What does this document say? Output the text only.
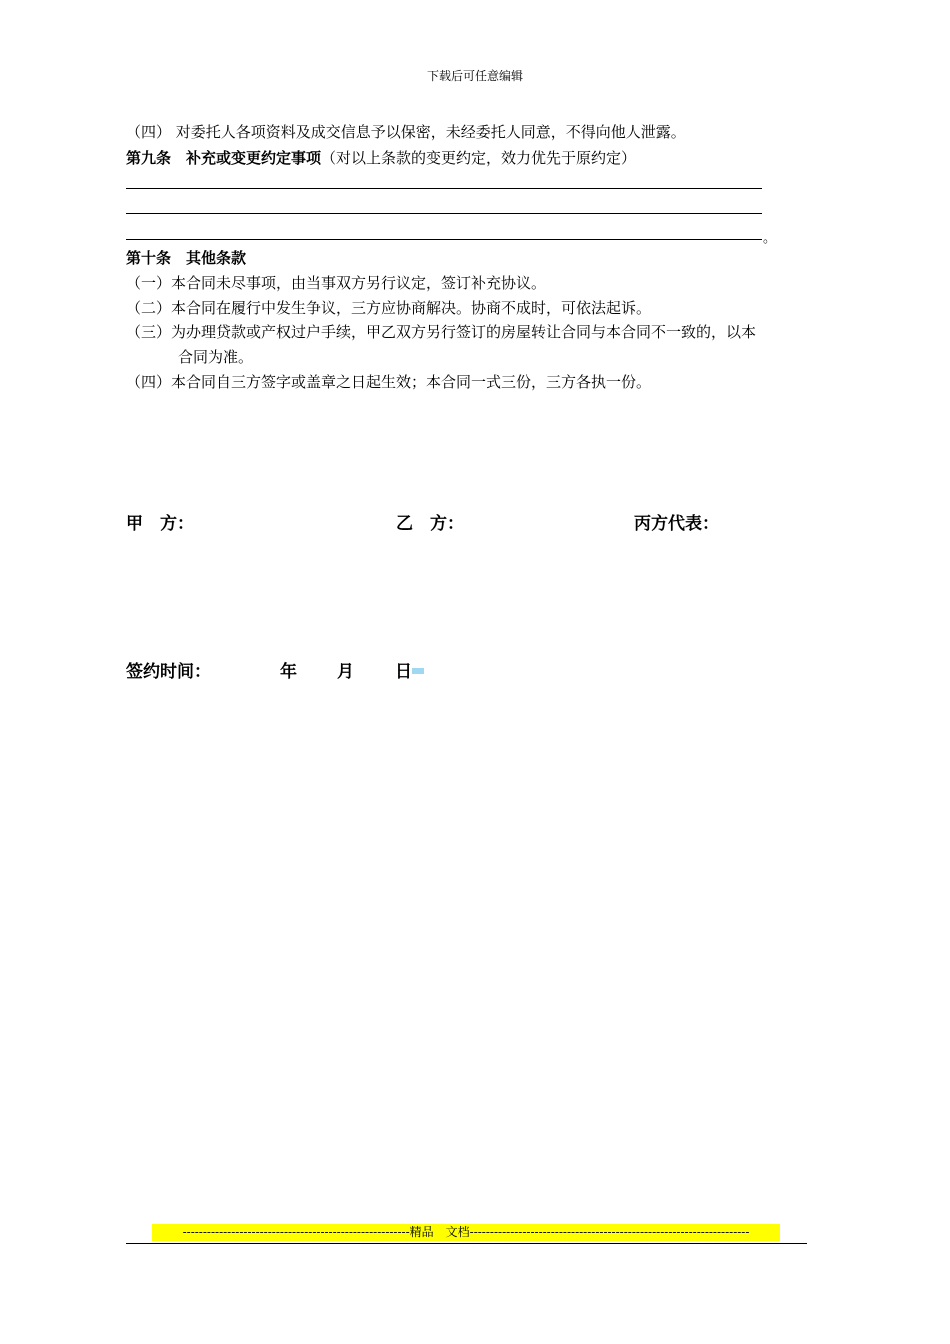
下载后可任意编辑
（四） 对委托人各项资料及成交信息予以保密，未经委托人同意，不得向他人泄露。
第九条　补充或变更约定事项（对以上条款的变更约定，效力优先于原约定）
。
第十条　其他条款
（一）本合同未尽事项，由当事双方另行议定，签订补充协议。
（二）本合同在履行中发生争议，三方应协商解决。协商不成时，可依法起诉。
（三）为办理贷款或产权过户手续，甲乙双方另行签订的房屋转让合同与本合同不一致的，以本
合同为准。
（四）本合同自三方签字或盖章之日起生效；本合同一式三份，三方各执一份。
甲　方：	乙　方：	丙方代表：
签约时间：	年 月 日
--------------------------------------------------------精品　文档---------------------------------------------------------------------
